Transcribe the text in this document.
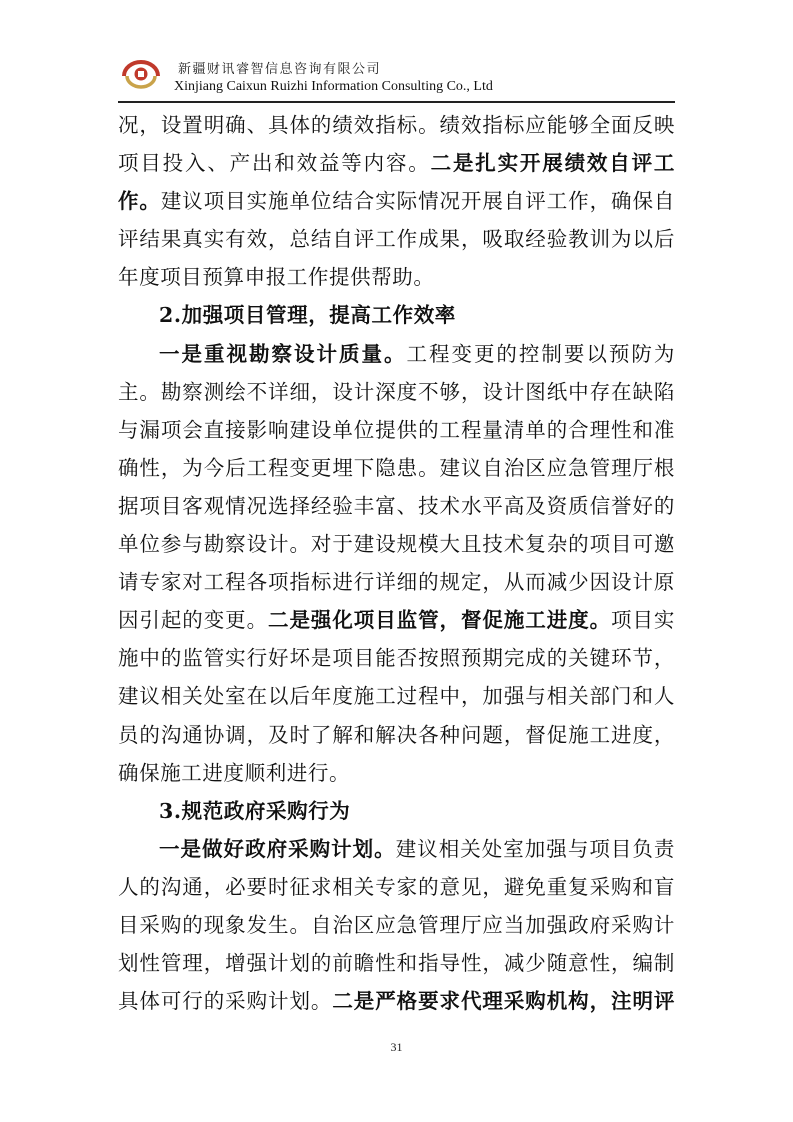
新疆财讯睿智信息咨询有限公司
Xinjiang Caixun Ruizhi Information Consulting Co., Ltd

况，设置明确、具体的绩效指标。绩效指标应能够全面反映项目投入、产出和效益等内容。二是扎实开展绩效自评工作。建议项目实施单位结合实际情况开展自评工作，确保自评结果真实有效，总结自评工作成果，吸取经验教训为以后年度项目预算申报工作提供帮助。

2.加强项目管理，提高工作效率

一是重视勘察设计质量。工程变更的控制要以预防为主。勘察测绘不详细，设计深度不够，设计图纸中存在缺陷与漏项会直接影响建设单位提供的工程量清单的合理性和准确性，为今后工程变更埋下隐患。建议自治区应急管理厅根据项目客观情况选择经验丰富、技术水平高及资质信誉好的单位参与勘察设计。对于建设规模大且技术复杂的项目可邀请专家对工程各项指标进行详细的规定，从而减少因设计原因引起的变更。二是强化项目监管，督促施工进度。项目实施中的监管实行好坏是项目能否按照预期完成的关键环节，建议相关处室在以后年度施工过程中，加强与相关部门和人员的沟通协调，及时了解和解决各种问题，督促施工进度，确保施工进度顺利进行。

3.规范政府采购行为

一是做好政府采购计划。建议相关处室加强与项目负责人的沟通，必要时征求相关专家的意见，避免重复采购和盲目采购的现象发生。自治区应急管理厅应当加强政府采购计划性管理，增强计划的前瞻性和指导性，减少随意性，编制具体可行的采购计划。二是严格要求代理采购机构，注明评

31
